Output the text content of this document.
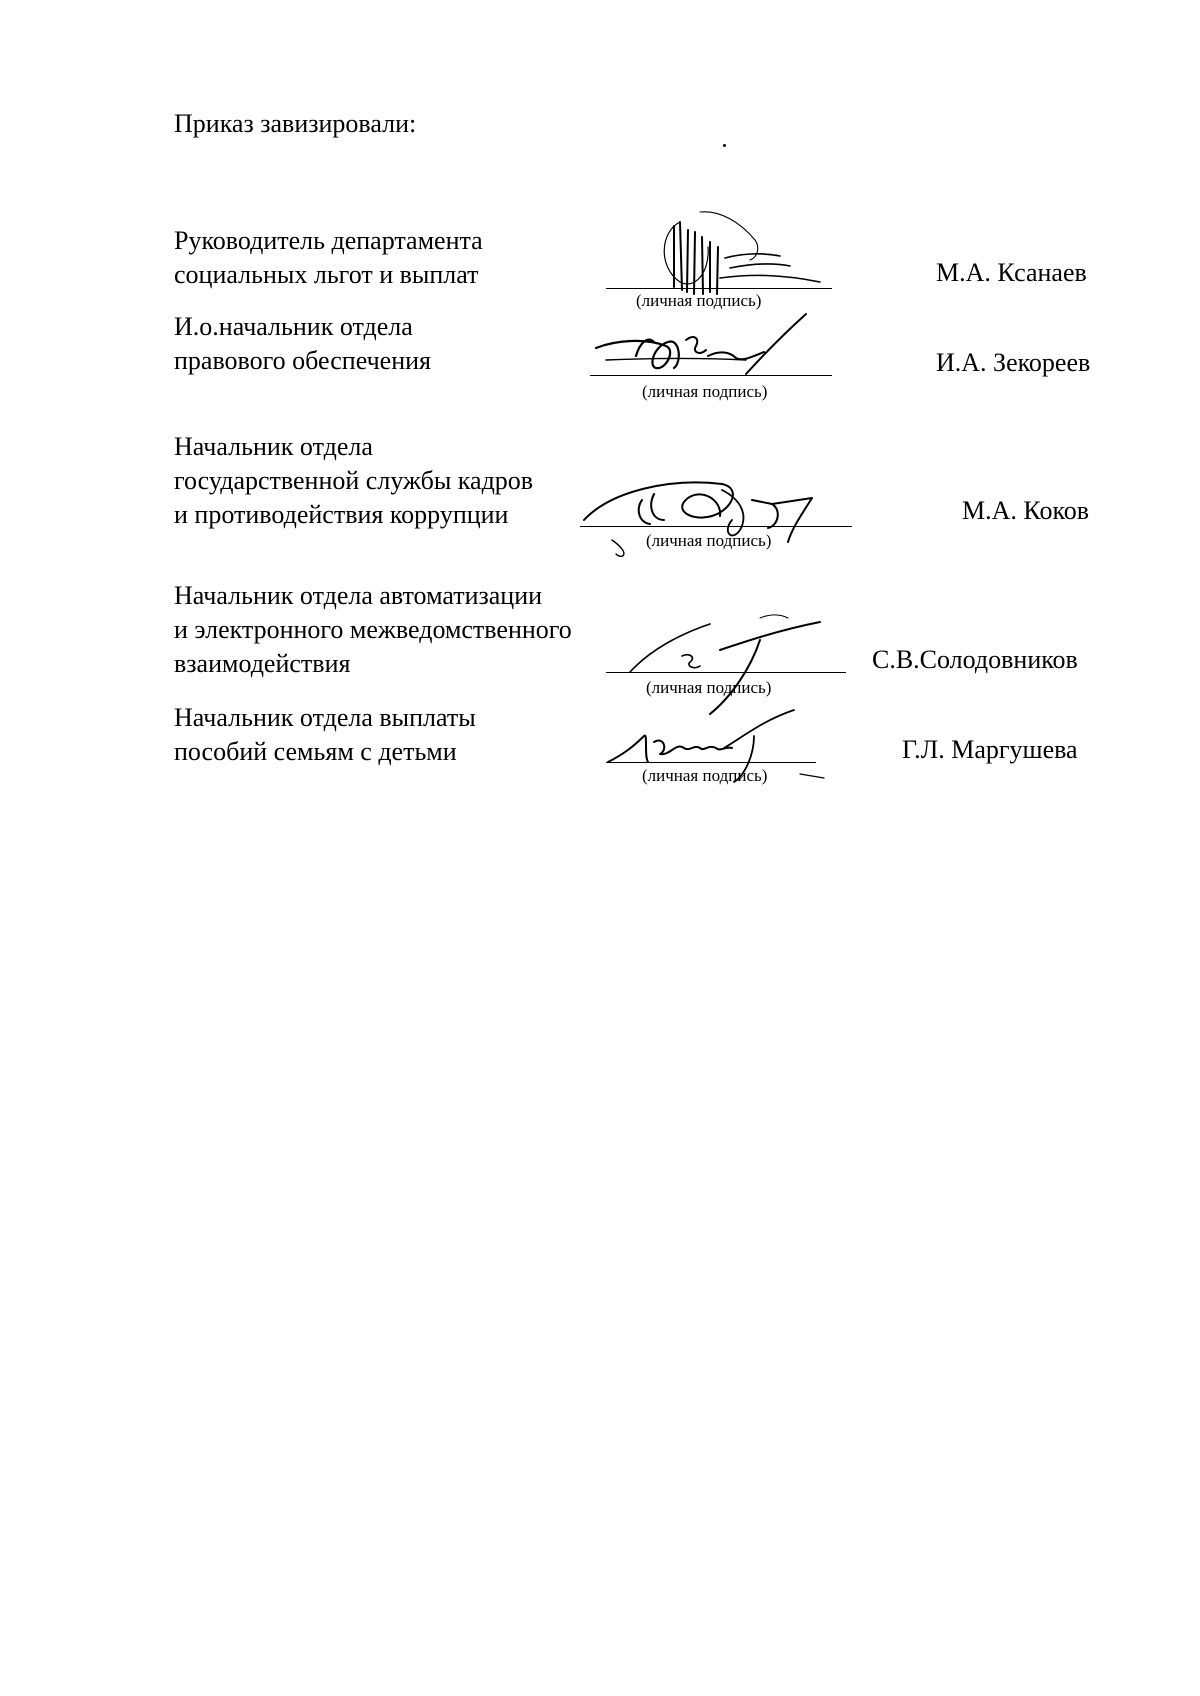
Приказ завизировали:
Руководитель департамента
социальных льгот и выплат
(личная подпись)
М.А. Ксанаев
И.о.начальник отдела
правового обеспечения
(личная подпись)
И.А. Зекореев
Начальник отдела
государственной службы кадров
и противодействия коррупции
(личная подпись)
М.А. Коков
Начальник отдела автоматизации
и электронного межведомственного
взаимодействия
(личная подпись)
С.В.Солодовников
Начальник отдела выплаты
пособий семьям с детьми
(личная подпись)
Г.Л. Маргушева
